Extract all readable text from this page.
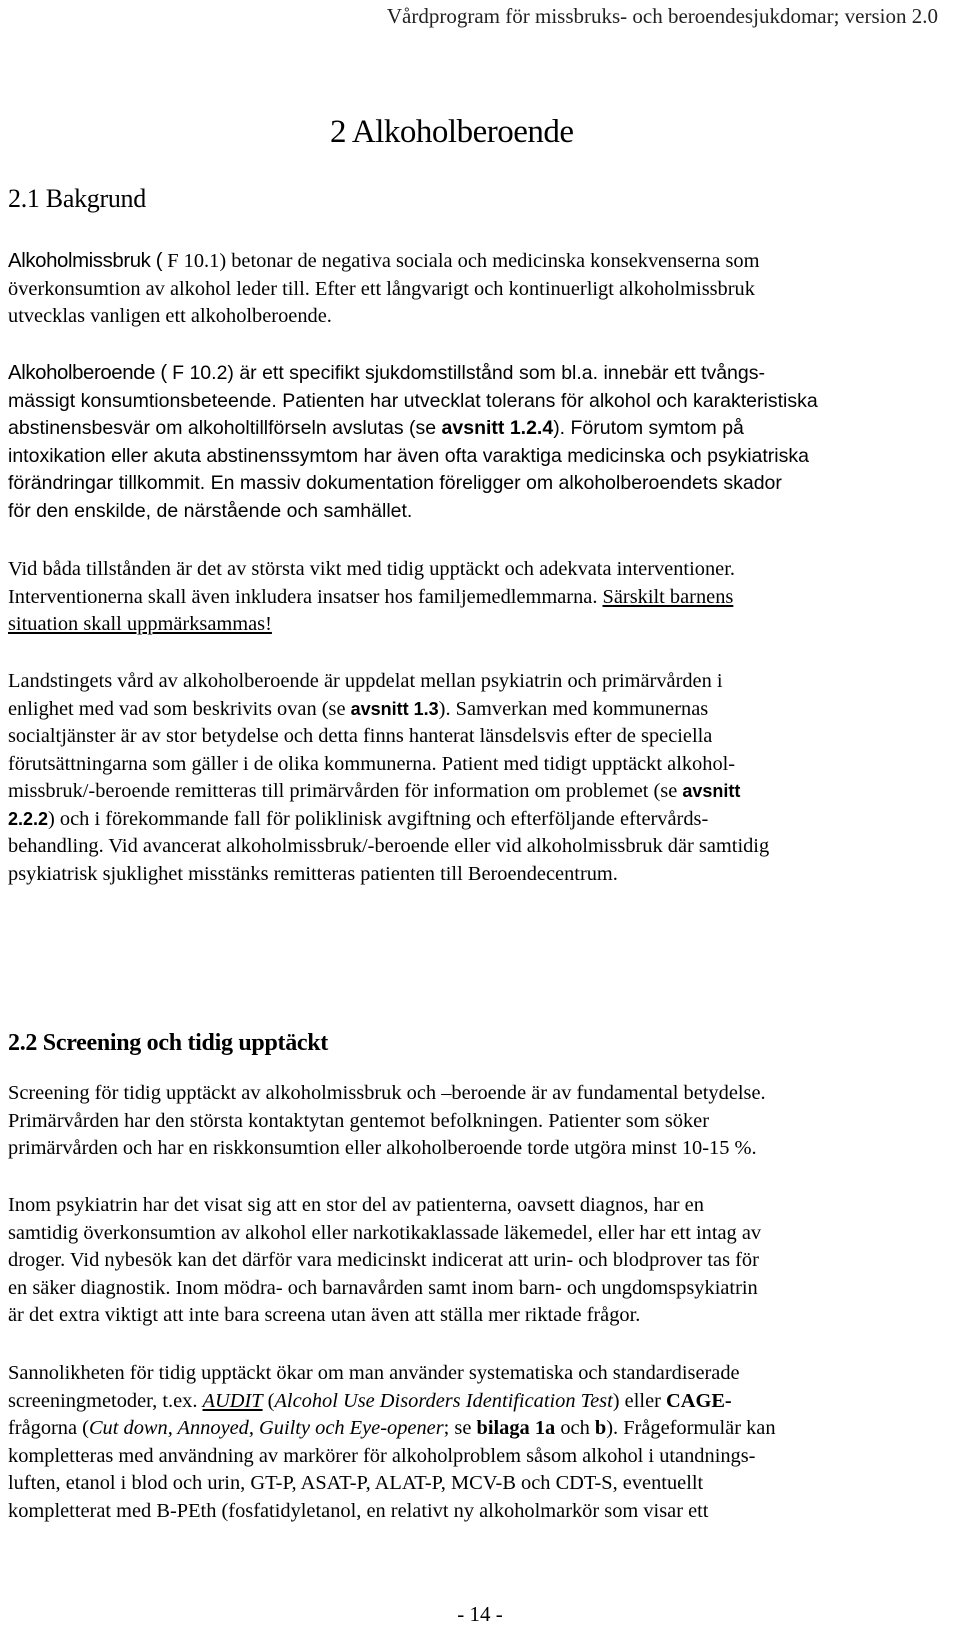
Vårdprogram för missbruks- och beroendesjukdomar; version 2.0
2 Alkoholberoende
2.1 Bakgrund
Alkoholmissbruk ( F 10.1) betonar de negativa sociala och medicinska konsekvenserna som
överkonsumtion av alkohol leder till. Efter ett långvarigt och kontinuerligt alkoholmissbruk
utvecklas vanligen ett alkoholberoende.
Alkoholberoende ( F 10.2) är ett specifikt sjukdomstillstånd som bl.a. innebär ett tvångs-
mässigt konsumtionsbeteende. Patienten har utvecklat tolerans för alkohol och karakteristiska
abstinensbesvär om alkoholtillförseln avslutas (se avsnitt 1.2.4). Förutom symtom på
intoxikation eller akuta abstinenssymtom har även ofta varaktiga medicinska och psykiatriska
förändringar tillkommit. En massiv dokumentation föreligger om alkoholberoendets skador
för den enskilde, de närstående och samhället.
Vid båda tillstånden är det av största vikt med tidig upptäckt och adekvata interventioner.
Interventionerna skall även inkludera insatser hos familjemedlemmarna. Särskilt barnens
situation skall uppmärksammas!
Landstingets vård av alkoholberoende är uppdelat mellan psykiatrin och primärvården i
enlighet med vad som beskrivits ovan (se avsnitt 1.3). Samverkan med kommunernas
socialtjänster är av stor betydelse och detta finns hanterat länsdelsvis efter de speciella
förutsättningarna som gäller i de olika kommunerna. Patient med tidigt upptäckt alkohol-
missbruk/-beroende remitteras till primärvården för information om problemet (se avsnitt
2.2.2) och i förekommande fall för poliklinisk avgiftning och efterföljande eftervårds-
behandling. Vid avancerat alkoholmissbruk/-beroende eller vid alkoholmissbruk där samtidig
psykiatrisk sjuklighet misstänks remitteras patienten till Beroendecentrum.
2.2 Screening och tidig upptäckt
Screening för tidig upptäckt av alkoholmissbruk och –beroende är av fundamental betydelse.
Primärvården har den största kontaktytan gentemot befolkningen. Patienter som söker
primärvården och har en riskkonsumtion eller alkoholberoende torde utgöra minst 10-15 %.
Inom psykiatrin har det visat sig att en stor del av patienterna, oavsett diagnos, har en
samtidig överkonsumtion av alkohol eller narkotikaklassade läkemedel, eller har ett intag av
droger. Vid nybesök kan det därför vara medicinskt indicerat att urin- och blodprover tas för
en säker diagnostik. Inom mödra- och barnavården samt inom barn- och ungdomspsykiatrin
är det extra viktigt att inte bara screena utan även att ställa mer riktade frågor.
Sannolikheten för tidig upptäckt ökar om man använder systematiska och standardiserade
screeningmetoder, t.ex. AUDIT (Alcohol Use Disorders Identification Test) eller CAGE-
frågorna (Cut down, Annoyed, Guilty och Eye-opener; se bilaga 1a och b). Frågeformulär kan
kompletteras med användning av markörer för alkoholproblem såsom alkohol i utandnings-
luften, etanol i blod och urin, GT-P, ASAT-P, ALAT-P, MCV-B och CDT-S, eventuellt
kompletterat med B-PEth (fosfatidyletanol, en relativt ny alkoholmarkör som visar ett
- 14 -
